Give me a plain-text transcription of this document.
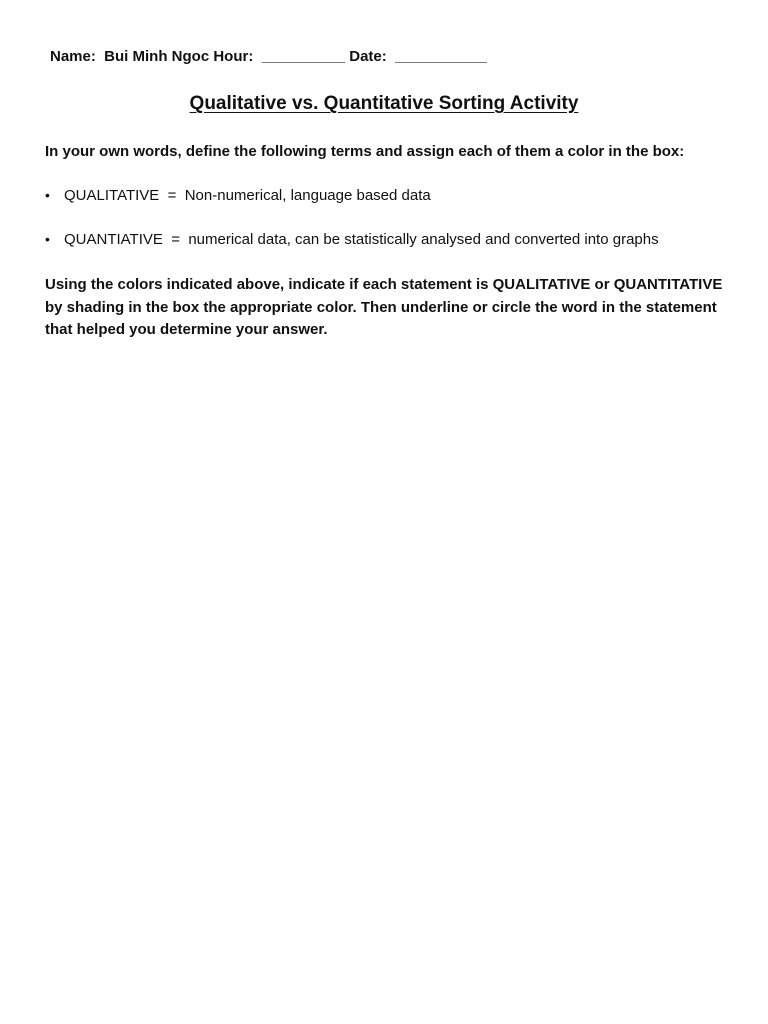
Name:  Bui Minh Ngoc Hour:  __________ Date:  ___________
Qualitative vs. Quantitative Sorting Activity
In your own words, define the following terms and assign each of them a color in the box:
• QUALITATIVE  =  Non-numerical, language based data
• QUANTIATIVE  =  numerical data, can be statistically analysed and converted into graphs
Using the colors indicated above, indicate if each statement is QUALITATIVE or QUANTITATIVE by shading in the box the appropriate color. Then underline or circle the word in the statement that helped you determine your answer.
